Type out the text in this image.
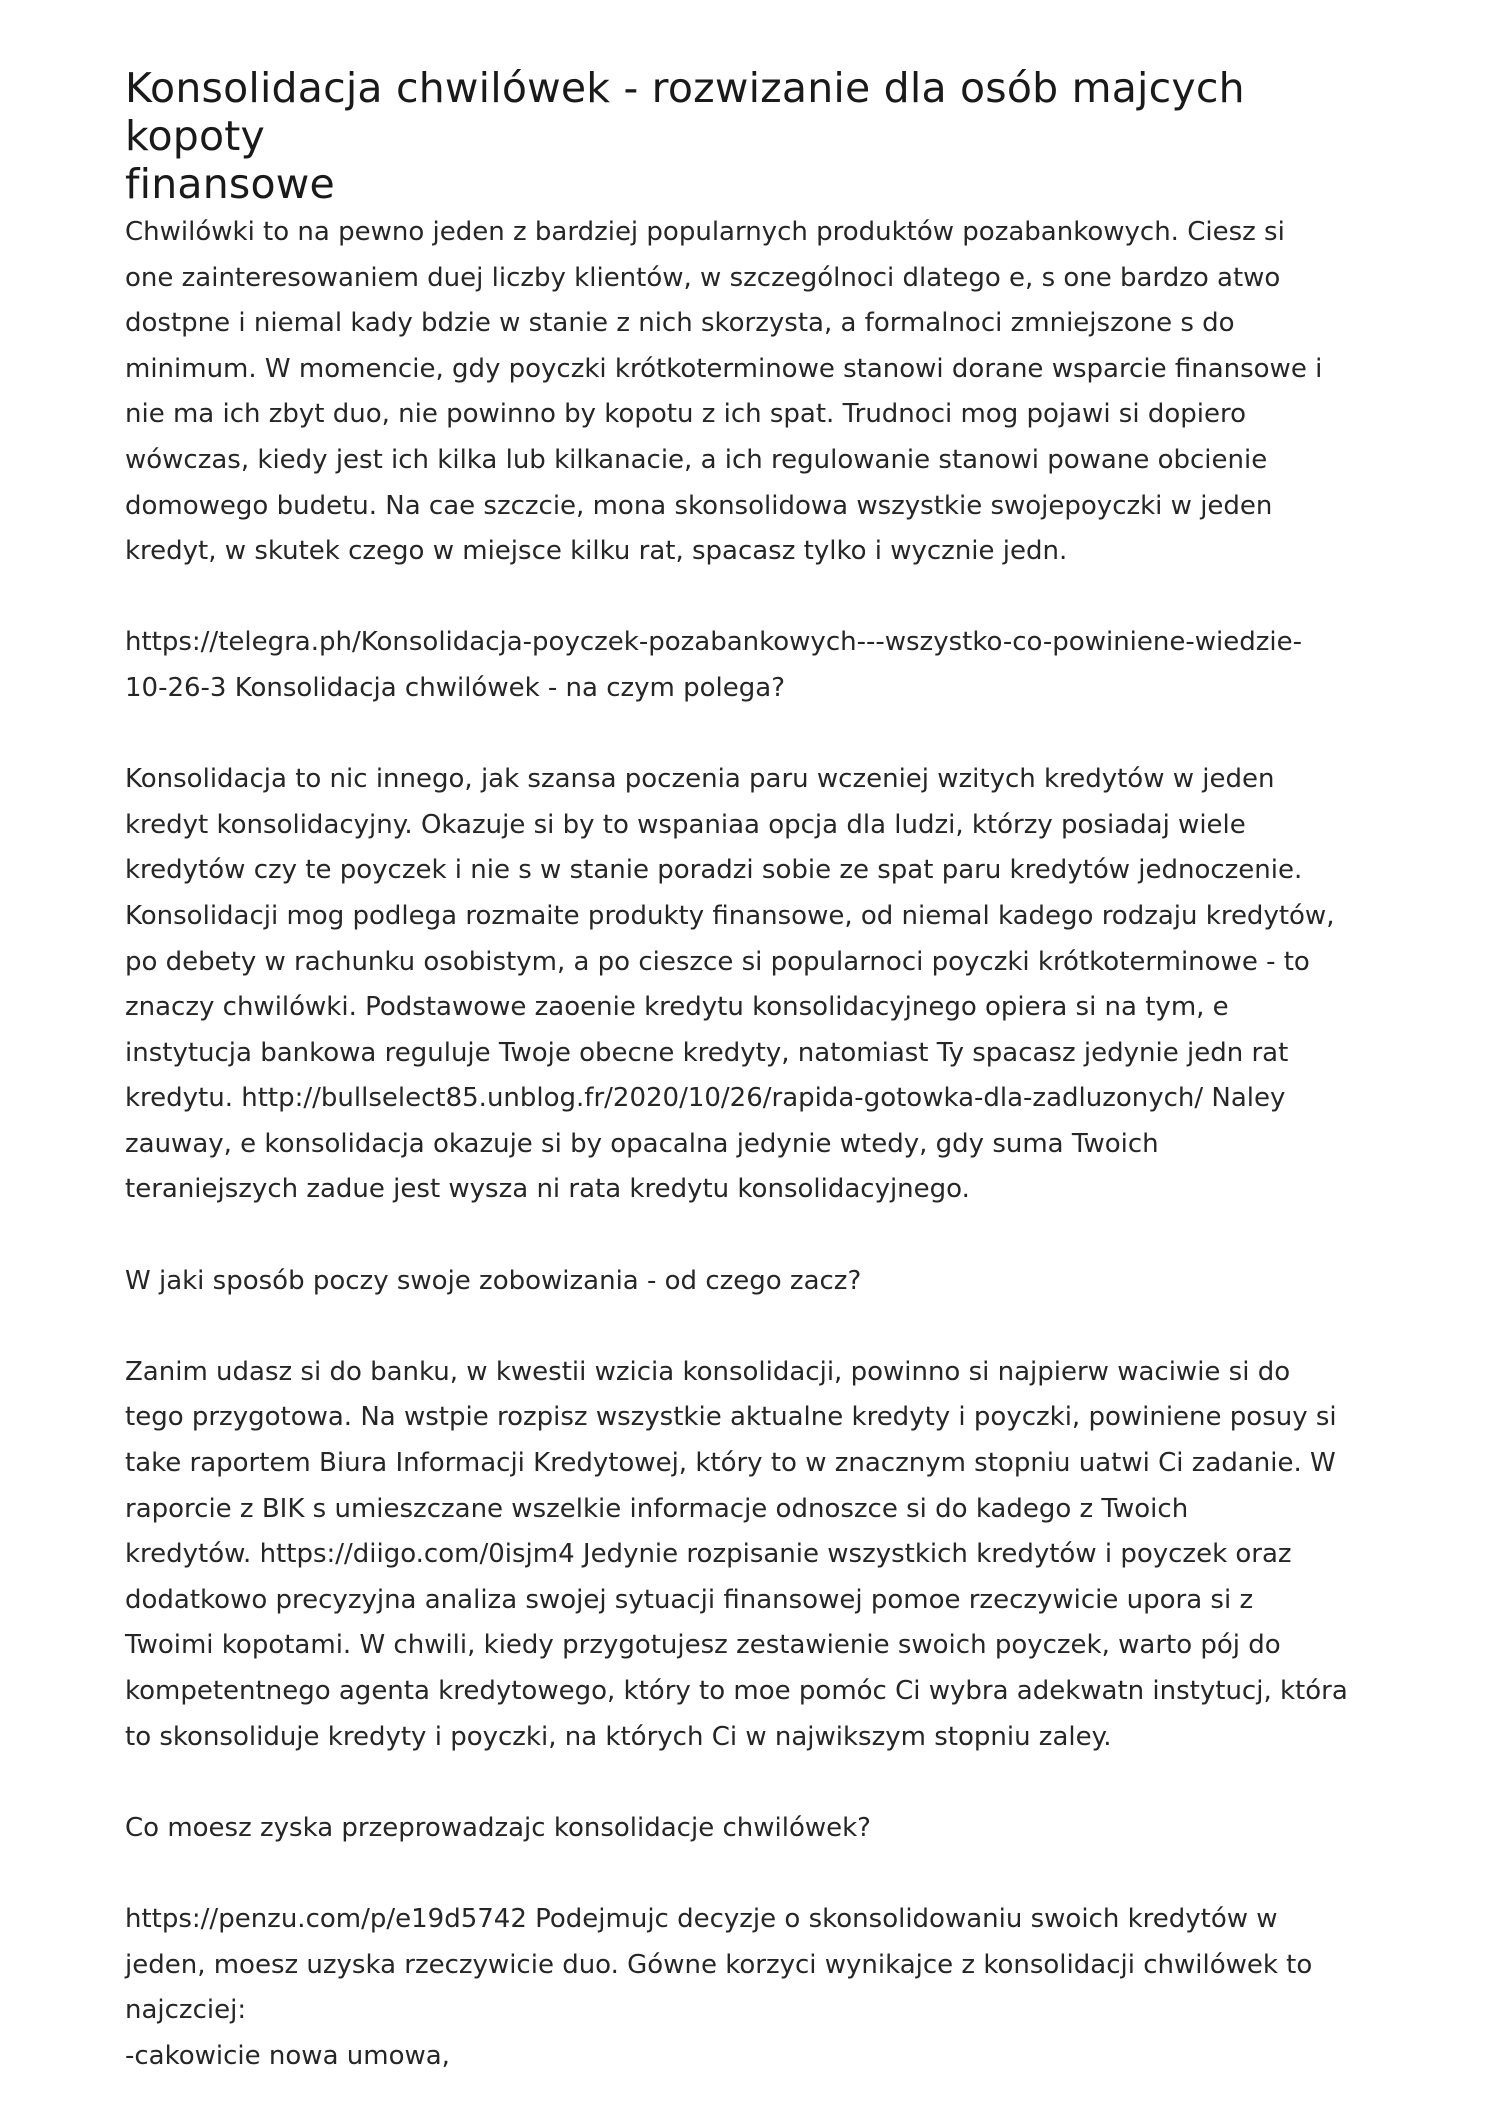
Konsolidacja chwilówek - rozwizanie dla osób majcych kopoty
finansowe
Chwilówki to na pewno jeden z bardziej popularnych produktów pozabankowych. Ciesz si
one zainteresowaniem duej liczby klientów, w szczególnoci dlatego e, s one bardzo atwo
dostpne i niemal kady bdzie w stanie z nich skorzysta, a formalnoci zmniejszone s do
minimum. W momencie, gdy poyczki krótkoterminowe stanowi dorane wsparcie finansowe i
nie ma ich zbyt duo, nie powinno by kopotu z ich spat. Trudnoci mog pojawi si dopiero
wówczas, kiedy jest ich kilka lub kilkanacie, a ich regulowanie stanowi powane obcienie
domowego budetu. Na cae szczcie, mona skonsolidowa wszystkie swojepoyczki w jeden
kredyt, w skutek czego w miejsce kilku rat, spacasz tylko i wycznie jedn.
https://telegra.ph/Konsolidacja-poyczek-pozabankowych---wszystko-co-powiniene-wiedzie-
10-26-3 Konsolidacja chwilówek - na czym polega?
Konsolidacja to nic innego, jak szansa poczenia paru wczeniej wzitych kredytów w jeden
kredyt konsolidacyjny. Okazuje si by to wspaniaa opcja dla ludzi, którzy posiadaj wiele
kredytów czy te poyczek i nie s w stanie poradzi sobie ze spat paru kredytów jednoczenie.
Konsolidacji mog podlega rozmaite produkty finansowe, od niemal kadego rodzaju kredytów,
po debety w rachunku osobistym, a po cieszce si popularnoci poyczki krótkoterminowe - to
znaczy chwilówki. Podstawowe zaoenie kredytu konsolidacyjnego opiera si na tym, e
instytucja bankowa reguluje Twoje obecne kredyty, natomiast Ty spacasz jedynie jedn rat
kredytu. http://bullselect85.unblog.fr/2020/10/26/rapida-gotowka-dla-zadluzonych/ Naley
zauway, e konsolidacja okazuje si by opacalna jedynie wtedy, gdy suma Twoich
teraniejszych zadue jest wysza ni rata kredytu konsolidacyjnego.
W jaki sposób poczy swoje zobowizania - od czego zacz?
Zanim udasz si do banku, w kwestii wzicia konsolidacji, powinno si najpierw waciwie si do
tego przygotowa. Na wstpie rozpisz wszystkie aktualne kredyty i poyczki, powiniene posuy si
take raportem Biura Informacji Kredytowej, który to w znacznym stopniu uatwi Ci zadanie. W
raporcie z BIK s umieszczane wszelkie informacje odnoszce si do kadego z Twoich
kredytów. https://diigo.com/0isjm4 Jedynie rozpisanie wszystkich kredytów i poyczek oraz
dodatkowo precyzyjna analiza swojej sytuacji finansowej pomoe rzeczywicie upora si z
Twoimi kopotami. W chwili, kiedy przygotujesz zestawienie swoich poyczek, warto pój do
kompetentnego agenta kredytowego, który to moe pomóc Ci wybra adekwatn instytucj, która
to skonsoliduje kredyty i poyczki, na których Ci w najwikszym stopniu zaley.
Co moesz zyska przeprowadzajc konsolidacje chwilówek?
https://penzu.com/p/e19d5742 Podejmujc decyzje o skonsolidowaniu swoich kredytów w
jeden, moesz uzyska rzeczywicie duo. Gówne korzyci wynikajce z konsolidacji chwilówek to
najczciej:
-cakowicie nowa umowa,
